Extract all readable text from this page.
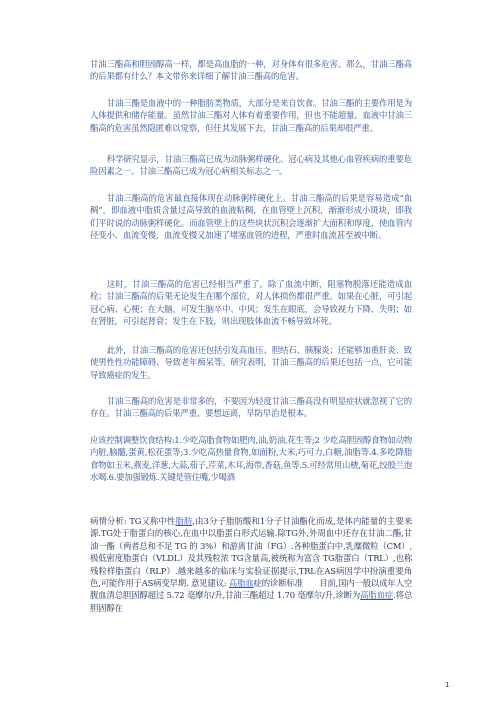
甘油三酯高和胆固醇高一样，都是高血脂的一种，对身体有很多危害。那么，甘油三酯高的后果都有什么？本文带你来详细了解甘油三酯高的危害。

甘油三酯是血液中的一种脂肪类物质，大部分是来自饮食。甘油三酯的主要作用是为人体提供和储存能量。虽然甘油三酯对人体有着重要作用，但也不能超量。血液中甘油三酯高的危害虽然隐匿难以觉察，但任其发展下去，甘油三酯高的后果却很严重。

科学研究显示，甘油三酯高已成为动脉粥样硬化、冠心病及其他心血管疾病的重要危险因素之一。甘油三酯高已成为冠心病相关标志之一。

甘油三酯高的危害最直接体现在动脉粥样硬化上。甘油三酯高的后果是容易造成“血稠”，即血液中脂质含量过高导致的血液粘稠，在血管壁上沉积，渐渐形成小斑块，即我们平时说的动脉粥样硬化。而血管壁上的这些块状沉积会逐渐扩大面积和厚度，使血管内径变小、血流变慢，血流变慢又加速了堵塞血管的进程，严重时血流甚至被中断。

这时，甘油三酯高的危害已经相当严重了。除了血流中断，阻塞物脱落还能造成血栓；甘油三酯高的后果无论发生在哪个部位，对人体损伤都很严重。如果在心脏，可引起冠心病、心梗；在大脑，可发生脑卒中、中风；发生在眼底，会导致视力下降、失明；如在肾脏，可引起肾衰；发生在下肢，则出现肢体血流不畅导致坏死。

此外，甘油三酯高的危害还包括引发高血压、胆结石、胰腺炎；还能够加重肝炎、致使男性性功能障碍、导致老年痴呆等。研究表明，甘油三酯高的后果还包括一点，它可能导致癌症的发生。

甘油三酯高的危害是非常多的，不要因为轻度甘油三酯高没有明显症状就忽视了它的存在。甘油三酯高的后果严重，要想远离，早防早治是根本。

应该控制调整饮食结构:1.少吃高脂食物如肥肉,油,奶油,花生等;2 少吃高胆固醇食物如动物内脏,脑髓,蛋黄,松花蛋等;3.少吃高热量食物,如面粉,大米,巧可力,白糖,油脂等.4.多吃降脂食物如玉米,燕麦,洋葱,大蒜,茄子,芹菜,木耳,海带,香菇,鱼等.5.可经常用山楂,菊花,绞股兰泡水喝.6.要加强锻炼.关键是管住嘴,少喝酒

病情分析: TG又称中性脂肪,由3分子脂肪酸和1分子甘油酯化而成,是体内能量的主要来源.TG处于脂蛋白的核心,在血中以脂蛋白形式运输.除TG外,外周血中还存在甘油二酯,甘油一酯（两者总和不足 TG 的 3%）和游离甘油（FG）.各种脂蛋白中,乳糜微粒（CM）,极低密度脂蛋白（VLDL）及其残粒浓 TG含量高,被统称为富含 TG脂蛋白（TRL）,也称残粒样脂蛋白（RLP）.越来越多的临床与实验证据提示,TRL在AS病因学中扮演重要角色,可能作用于AS病变早期. 意见建议: 高脂血症的诊断标准　　目前,国内一般以成年人空腹血清总胆固醇超过 5.72 毫摩尔/升,甘油三酯超过 1.70 毫摩尔/升,诊断为高脂血症.将总胆固醇在

1
